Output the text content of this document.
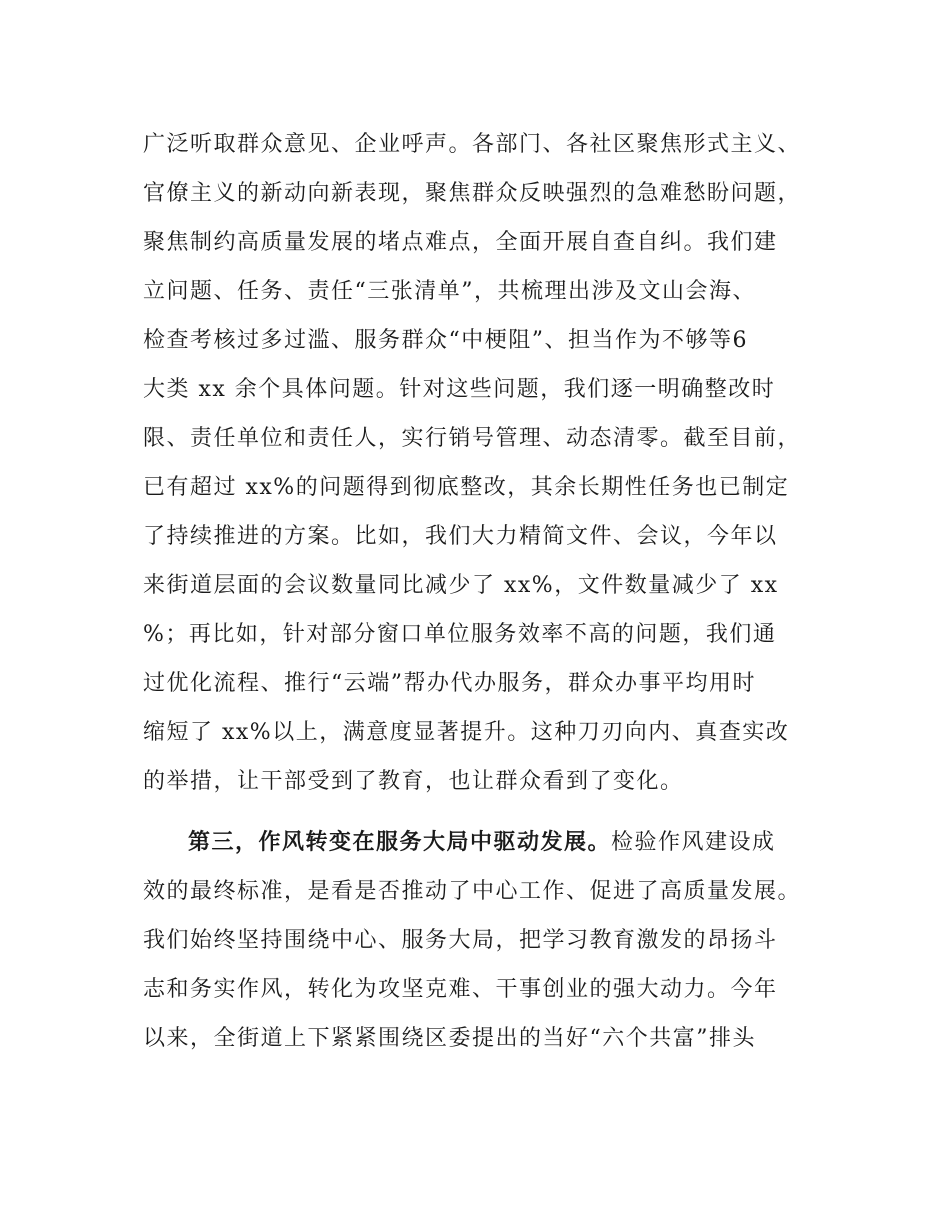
广泛听取群众意见、企业呼声。各部门、各社区聚焦形式主义、
官僚主义的新动向新表现，聚焦群众反映强烈的急难愁盼问题，
聚焦制约高质量发展的堵点难点，全面开展自查自纠。我们建
立问题、任务、责任“三张清单”，共梳理出涉及文山会海、
检查考核过多过滥、服务群众“中梗阻”、担当作为不够等6
大类 xx 余个具体问题。针对这些问题，我们逐一明确整改时
限、责任单位和责任人，实行销号管理、动态清零。截至目前，
已有超过 xx%的问题得到彻底整改，其余长期性任务也已制定
了持续推进的方案。比如，我们大力精简文件、会议，今年以
来街道层面的会议数量同比减少了 xx%，文件数量减少了 xx
%；再比如，针对部分窗口单位服务效率不高的问题，我们通
过优化流程、推行“云端”帮办代办服务，群众办事平均用时
缩短了 xx%以上，满意度显著提升。这种刀刃向内、真查实改
的举措，让干部受到了教育，也让群众看到了变化。
第三，作风转变在服务大局中驱动发展。检验作风建设成
效的最终标准，是看是否推动了中心工作、促进了高质量发展。
我们始终坚持围绕中心、服务大局，把学习教育激发的昂扬斗
志和务实作风，转化为攻坚克难、干事创业的强大动力。今年
以来，全街道上下紧紧围绕区委提出的当好“六个共富”排头
